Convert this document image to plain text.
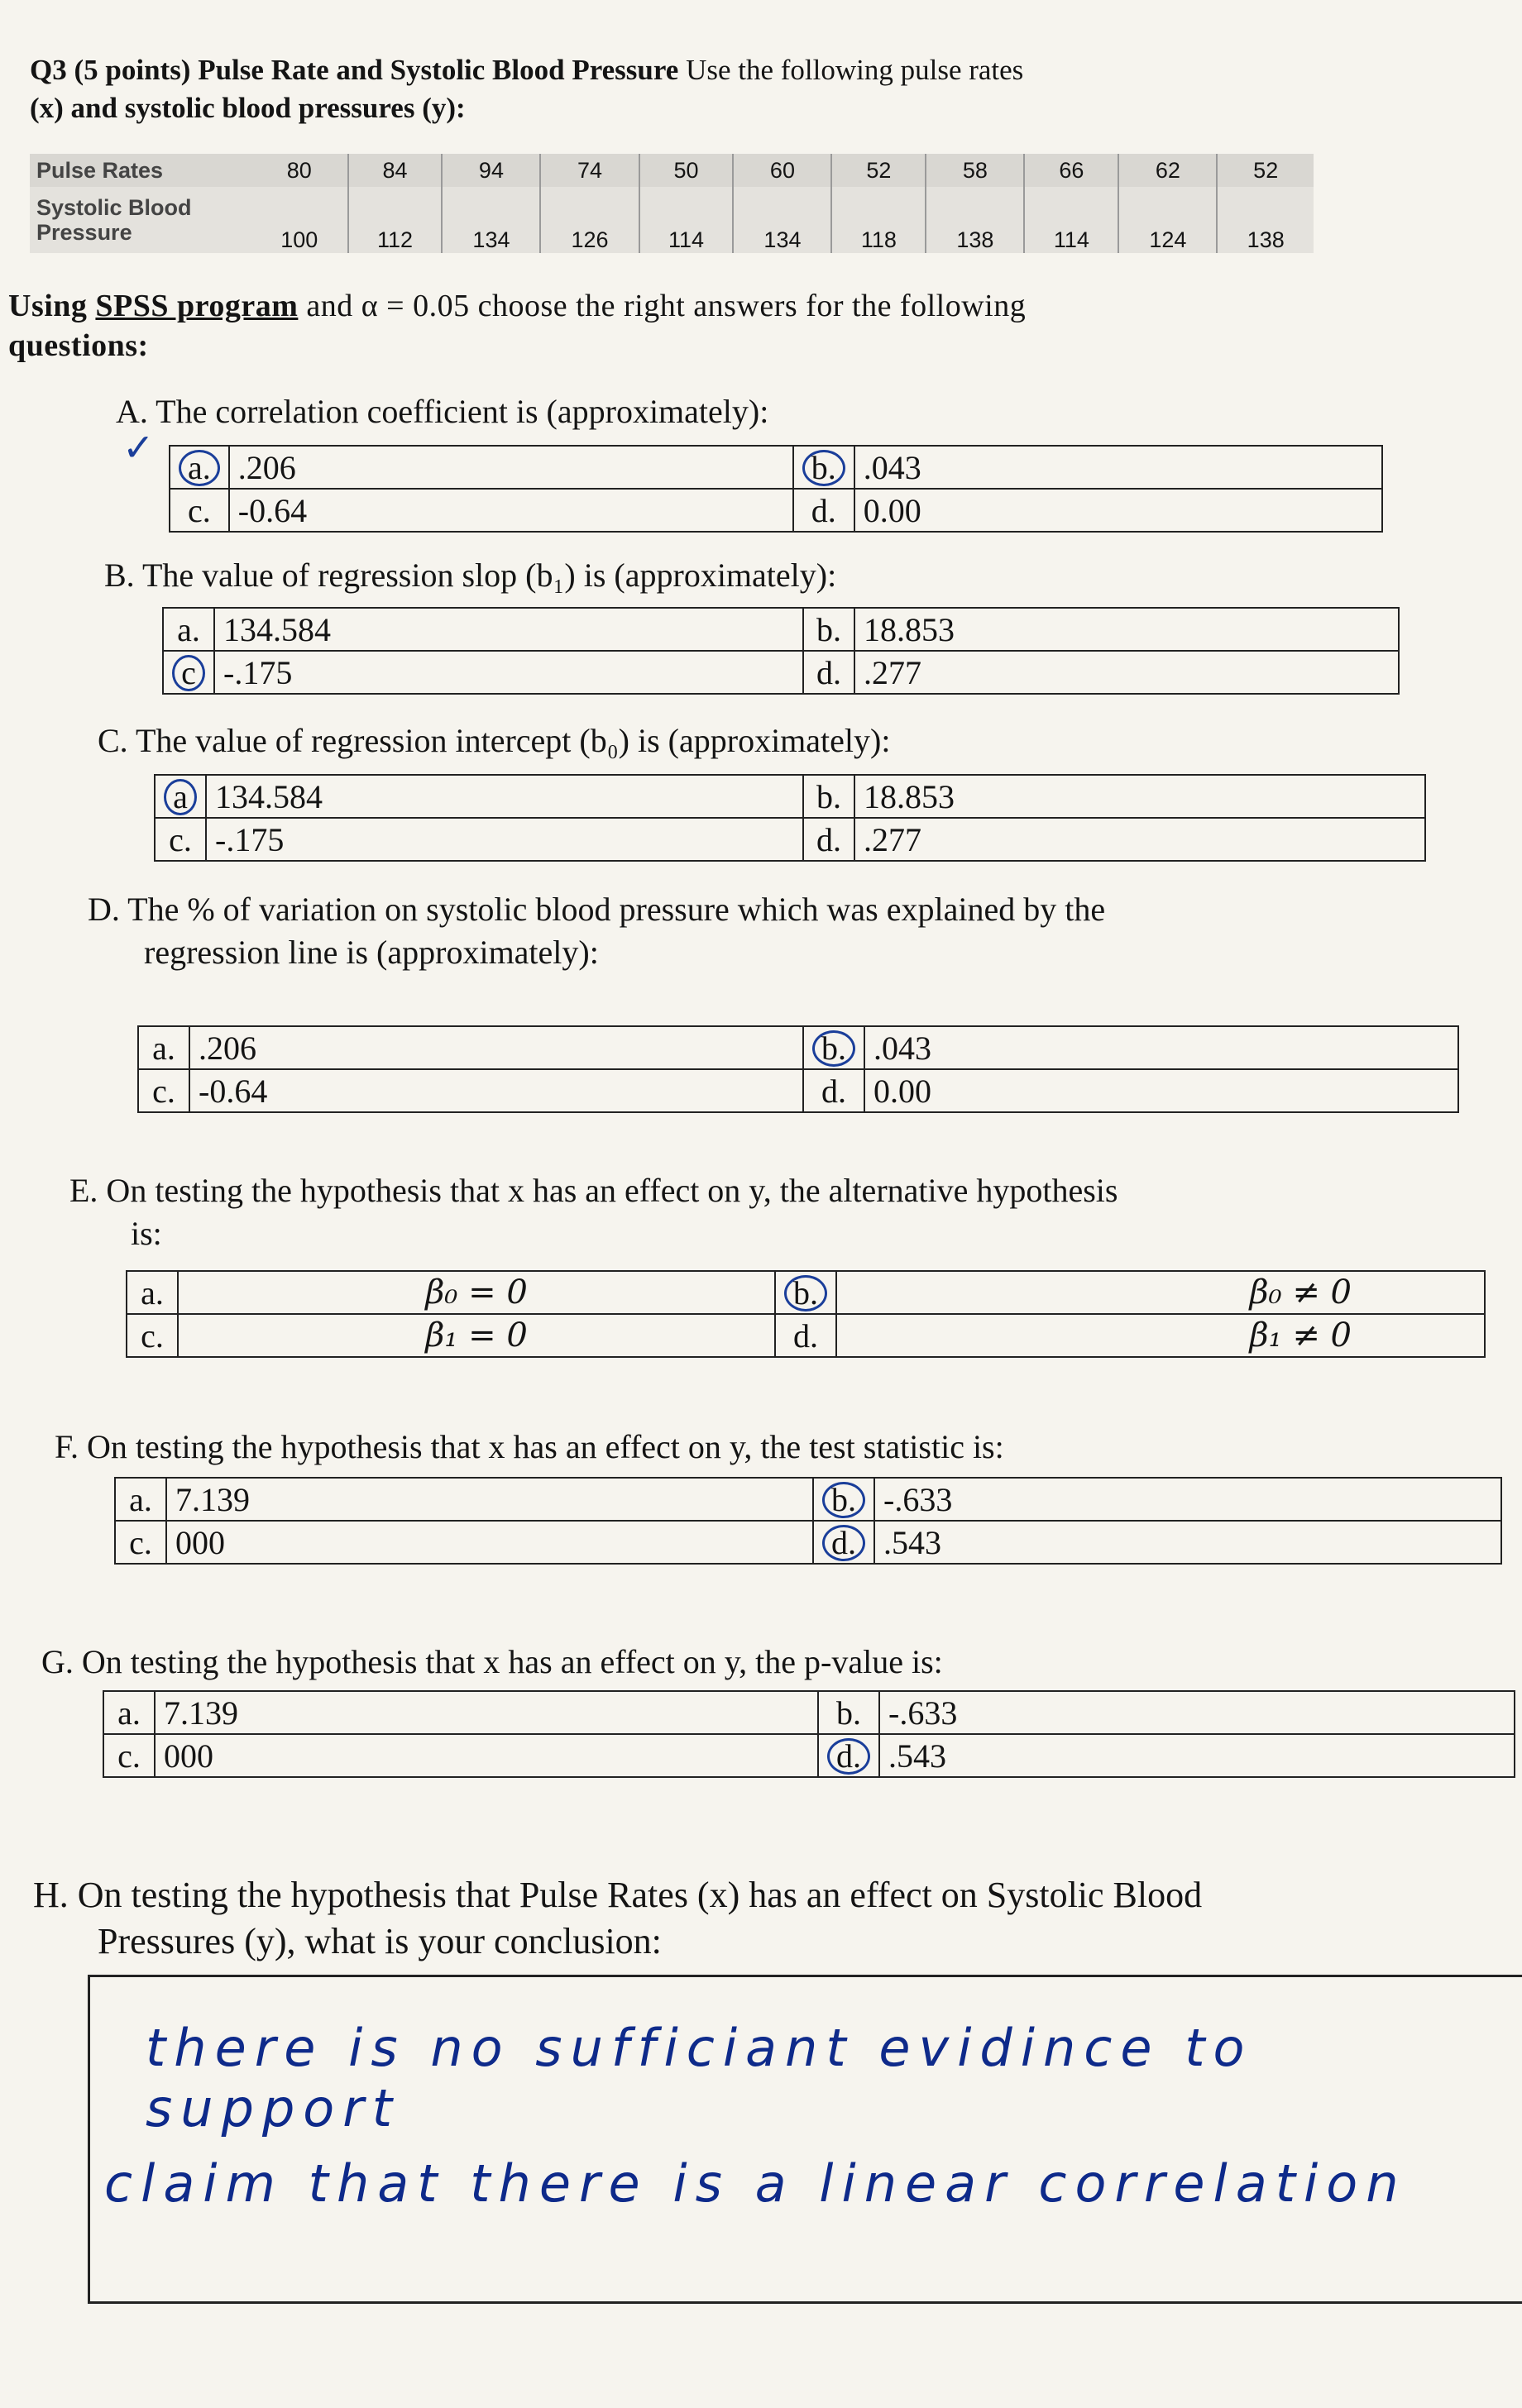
Q3 (5 points) Pulse Rate and Systolic Blood Pressure Use the following pulse rates
(x) and systolic blood pressures (y):
Pulse Rates	80	84	94	74	50	60	52	58	66	62	52
Systolic Blood Pressure	100	112	134	126	114	134	118	138	114	124	138
Using SPSS program and α = 0.05 choose the right answers for the following
questions:
A. The correlation coefficient is (approximately):
✓ a.	.206	b.	.043
c.	-0.64	d.	0.00
B. The value of regression slop (b₁) is (approximately):
a.	134.584	b.	18.853
c	-.175	d.	.277
C. The value of regression intercept (b₀) is (approximately):
a	134.584	b.	18.853
c.	-.175	d.	.277
D. The % of variation on systolic blood pressure which was explained by the
regression line is (approximately):
a.	.206	b.	.043
c.	-0.64	d.	0.00
E. On testing the hypothesis that x has an effect on y, the alternative hypothesis
is:
a.	β₀ = 0	b.	β₀ ≠ 0
c.	β₁ = 0	d.	β₁ ≠ 0
F. On testing the hypothesis that x has an effect on y, the test statistic is:
a.	7.139	b.	-.633
c.	000	d.	.543
G. On testing the hypothesis that x has an effect on y, the p-value is:
a.	7.139	b.	-.633
c.	000	d.	.543
H. On testing the hypothesis that Pulse Rates (x) has an effect on Systolic Blood
Pressures (y), what is your conclusion:
there is no sufficiant evidince to support
claim that there is a linear correlation
